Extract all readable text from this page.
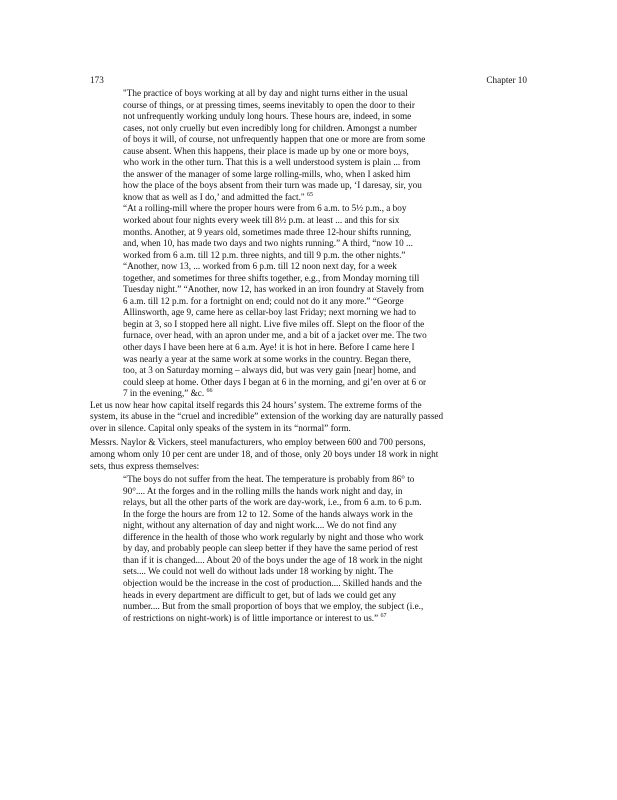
173	Chapter 10
"The practice of boys working at all by day and night turns either in the usual
course of things, or at pressing times, seems inevitably to open the door to their
not unfrequently working unduly long hours. These hours are, indeed, in some
cases, not only cruelly but even incredibly long for children. Amongst a number
of boys it will, of course, not unfrequently happen that one or more are from some
cause absent. When this happens, their place is made up by one or more boys,
who work in the other turn. That this is a well understood system is plain ... from
the answer of the manager of some large rolling-mills, who, when I asked him
how the place of the boys absent from their turn was made up, ‘I daresay, sir, you
know that as well as I do,’ and admitted the fact." $^{65}$
“At a rolling-mill where the proper hours were from 6 a.m. to 5½ p.m., a boy
worked about four nights every week till 8½ p.m. at least ... and this for six
months. Another, at 9 years old, sometimes made three 12-hour shifts running,
and, when 10, has made two days and two nights running.” A third, “now 10 ...
worked from 6 a.m. till 12 p.m. three nights, and till 9 p.m. the other nights.”
“Another, now 13, ... worked from 6 p.m. till 12 noon next day, for a week
together, and sometimes for three shifts together, e.g., from Monday morning till
Tuesday night.” “Another, now 12, has worked in an iron foundry at Stavely from
6 a.m. till 12 p.m. for a fortnight on end; could not do it any more.” “George
Allinsworth, age 9, came here as cellar-boy last Friday; next morning we had to
begin at 3, so I stopped here all night. Live five miles off. Slept on the floor of the
furnace, over head, with an apron under me, and a bit of a jacket over me. The two
other days I have been here at 6 a.m. Aye! it is hot in here. Before I came here I
was nearly a year at the same work at some works in the country. Began there,
too, at 3 on Saturday morning – always did, but was very gain [near] home, and
could sleep at home. Other days I began at 6 in the morning, and gi’en over at 6 or
7 in the evening,” &c. $^{66}$
Let us now hear how capital itself regards this 24 hours’ system. The extreme forms of the
system, its abuse in the “cruel and incredible” extension of the working day are naturally passed
over in silence. Capital only speaks of the system in its “normal” form.
Messrs. Naylor & Vickers, steel manufacturers, who employ between 600 and 700 persons,
among whom only 10 per cent are under 18, and of those, only 20 boys under 18 work in night
sets, thus express themselves:
“The boys do not suffer from the heat. The temperature is probably from 86° to
90°.... At the forges and in the rolling mills the hands work night and day, in
relays, but all the other parts of the work are day-work, i.e., from 6 a.m. to 6 p.m.
In the forge the hours are from 12 to 12. Some of the hands always work in the
night, without any alternation of day and night work.... We do not find any
difference in the health of those who work regularly by night and those who work
by day, and probably people can sleep better if they have the same period of rest
than if it is changed.... About 20 of the boys under the age of 18 work in the night
sets.... We could not well do without lads under 18 working by night. The
objection would be the increase in the cost of production.... Skilled hands and the
heads in every department are difficult to get, but of lads we could get any
number.... But from the small proportion of boys that we employ, the subject (i.e.,
of restrictions on night-work) is of little importance or interest to us.” $^{67}$
